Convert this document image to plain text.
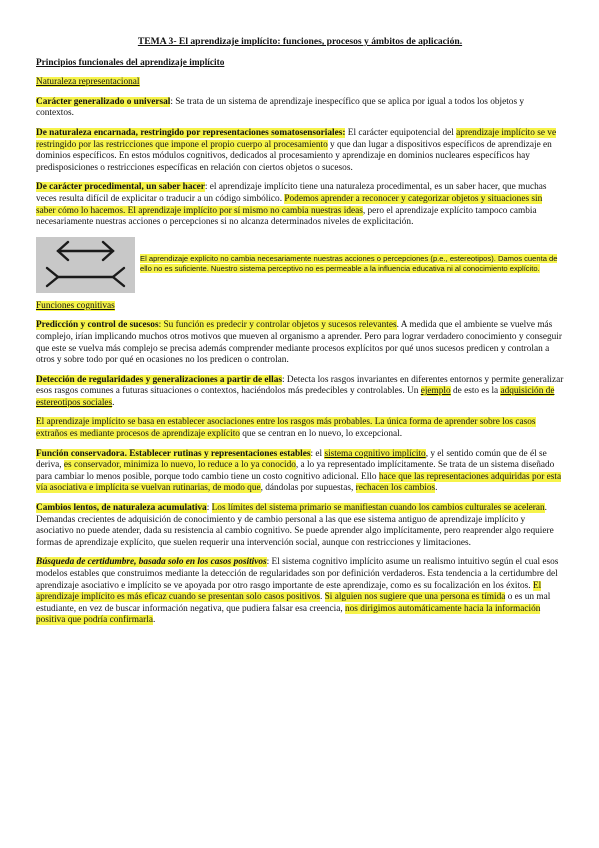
TEMA 3- El aprendizaje implícito: funciones, procesos y ámbitos de aplicación.
Principios funcionales del aprendizaje implícito
Naturaleza representacional

Carácter generalizado o universal: Se trata de un sistema de aprendizaje inespecífico que se aplica por igual a todos los objetos y contextos.

De naturaleza encarnada, restringido por representaciones somatosensoriales: El carácter equipotencial del aprendizaje implícito se ve restringido por las restricciones que impone el propio cuerpo al procesamiento y que dan lugar a dispositivos específicos de aprendizaje en dominios específicos. En estos módulos cognitivos, dedicados al procesamiento y aprendizaje en dominios nucleares específicos hay predisposiciones o restricciones específicas en relación con ciertos objetos o sucesos.

De carácter procedimental, un saber hacer: el aprendizaje implícito tiene una naturaleza procedimental, es un saber hacer, que muchas veces resulta difícil de explicitar o traducir a un código simbólico. Podemos aprender a reconocer y categorizar objetos y situaciones sin saber cómo lo hacemos. El aprendizaje implícito por sí mismo no cambia nuestras ideas, pero el aprendizaje explícito tampoco cambia necesariamente nuestras acciones o percepciones si no alcanza determinados niveles de explicitación.

El aprendizaje explícito no cambia necesariamente nuestras acciones o percepciones (p.e., estereotipos). Damos cuenta de ello no es suficiente. Nuestro sistema perceptivo no es permeable a la influencia educativa ni al conocimiento explícito.
Funciones cognitivas

Predicción y control de sucesos: Su función es predecir y controlar objetos y sucesos relevantes. A medida que el ambiente se vuelve más complejo, irían implicando muchos otros motivos que mueven al organismo a aprender. Pero para lograr verdadero conocimiento y conseguir que este se vuelva más complejo se precisa además comprender mediante procesos explícitos por qué unos sucesos predicen y controlan a otros y sobre todo por qué en ocasiones no los predicen o controlan.

Detección de regularidades y generalizaciones a partir de ellas: Detecta los rasgos invariantes en diferentes entornos y permite generalizar esos rasgos comunes a futuras situaciones o contextos, haciéndolos más predecibles y controlables. Un ejemplo de esto es la adquisición de estereotipos sociales.

El aprendizaje implícito se basa en establecer asociaciones entre los rasgos más probables. La única forma de aprender sobre los casos extraños es mediante procesos de aprendizaje explícito que se centran en lo nuevo, lo excepcional.

Función conservadora. Establecer rutinas y representaciones estables: el sistema cognitivo implícito, y el sentido común que de él se deriva, es conservador, minimiza lo nuevo, lo reduce a lo ya conocido, a lo ya representado implícitamente. Se trata de un sistema diseñado para cambiar lo menos posible, porque todo cambio tiene un costo cognitivo adicional. Ello hace que las representaciones adquiridas por esta vía asociativa e implícita se vuelvan rutinarias, de modo que, dándolas por supuestas, rechacen los cambios.

Cambios lentos, de naturaleza acumulativa: Los límites del sistema primario se manifiestan cuando los cambios culturales se aceleran. Demandas crecientes de adquisición de conocimiento y de cambio personal a las que ese sistema antiguo de aprendizaje implícito y asociativo no puede atender, dada su resistencia al cambio cognitivo. Se puede aprender algo implícitamente, pero reaprender algo requiere formas de aprendizaje explícito, que suelen requerir una intervención social, aunque con restricciones y limitaciones.

Búsqueda de certidumbre, basada solo en los casos positivos: El sistema cognitivo implícito asume un realismo intuitivo según el cual esos modelos estables que construimos mediante la detección de regularidades son por definición verdaderos. Esta tendencia a la certidumbre del aprendizaje asociativo e implícito se ve apoyada por otro rasgo importante de este aprendizaje, como es su focalización en los éxitos. El aprendizaje implícito es más eficaz cuando se presentan solo casos positivos. Si alguien nos sugiere que una persona es tímida o es un mal estudiante, en vez de buscar información negativa, que pudiera falsar esa creencia, nos dirigimos automáticamente hacia la información positiva que podría confirmarla.
